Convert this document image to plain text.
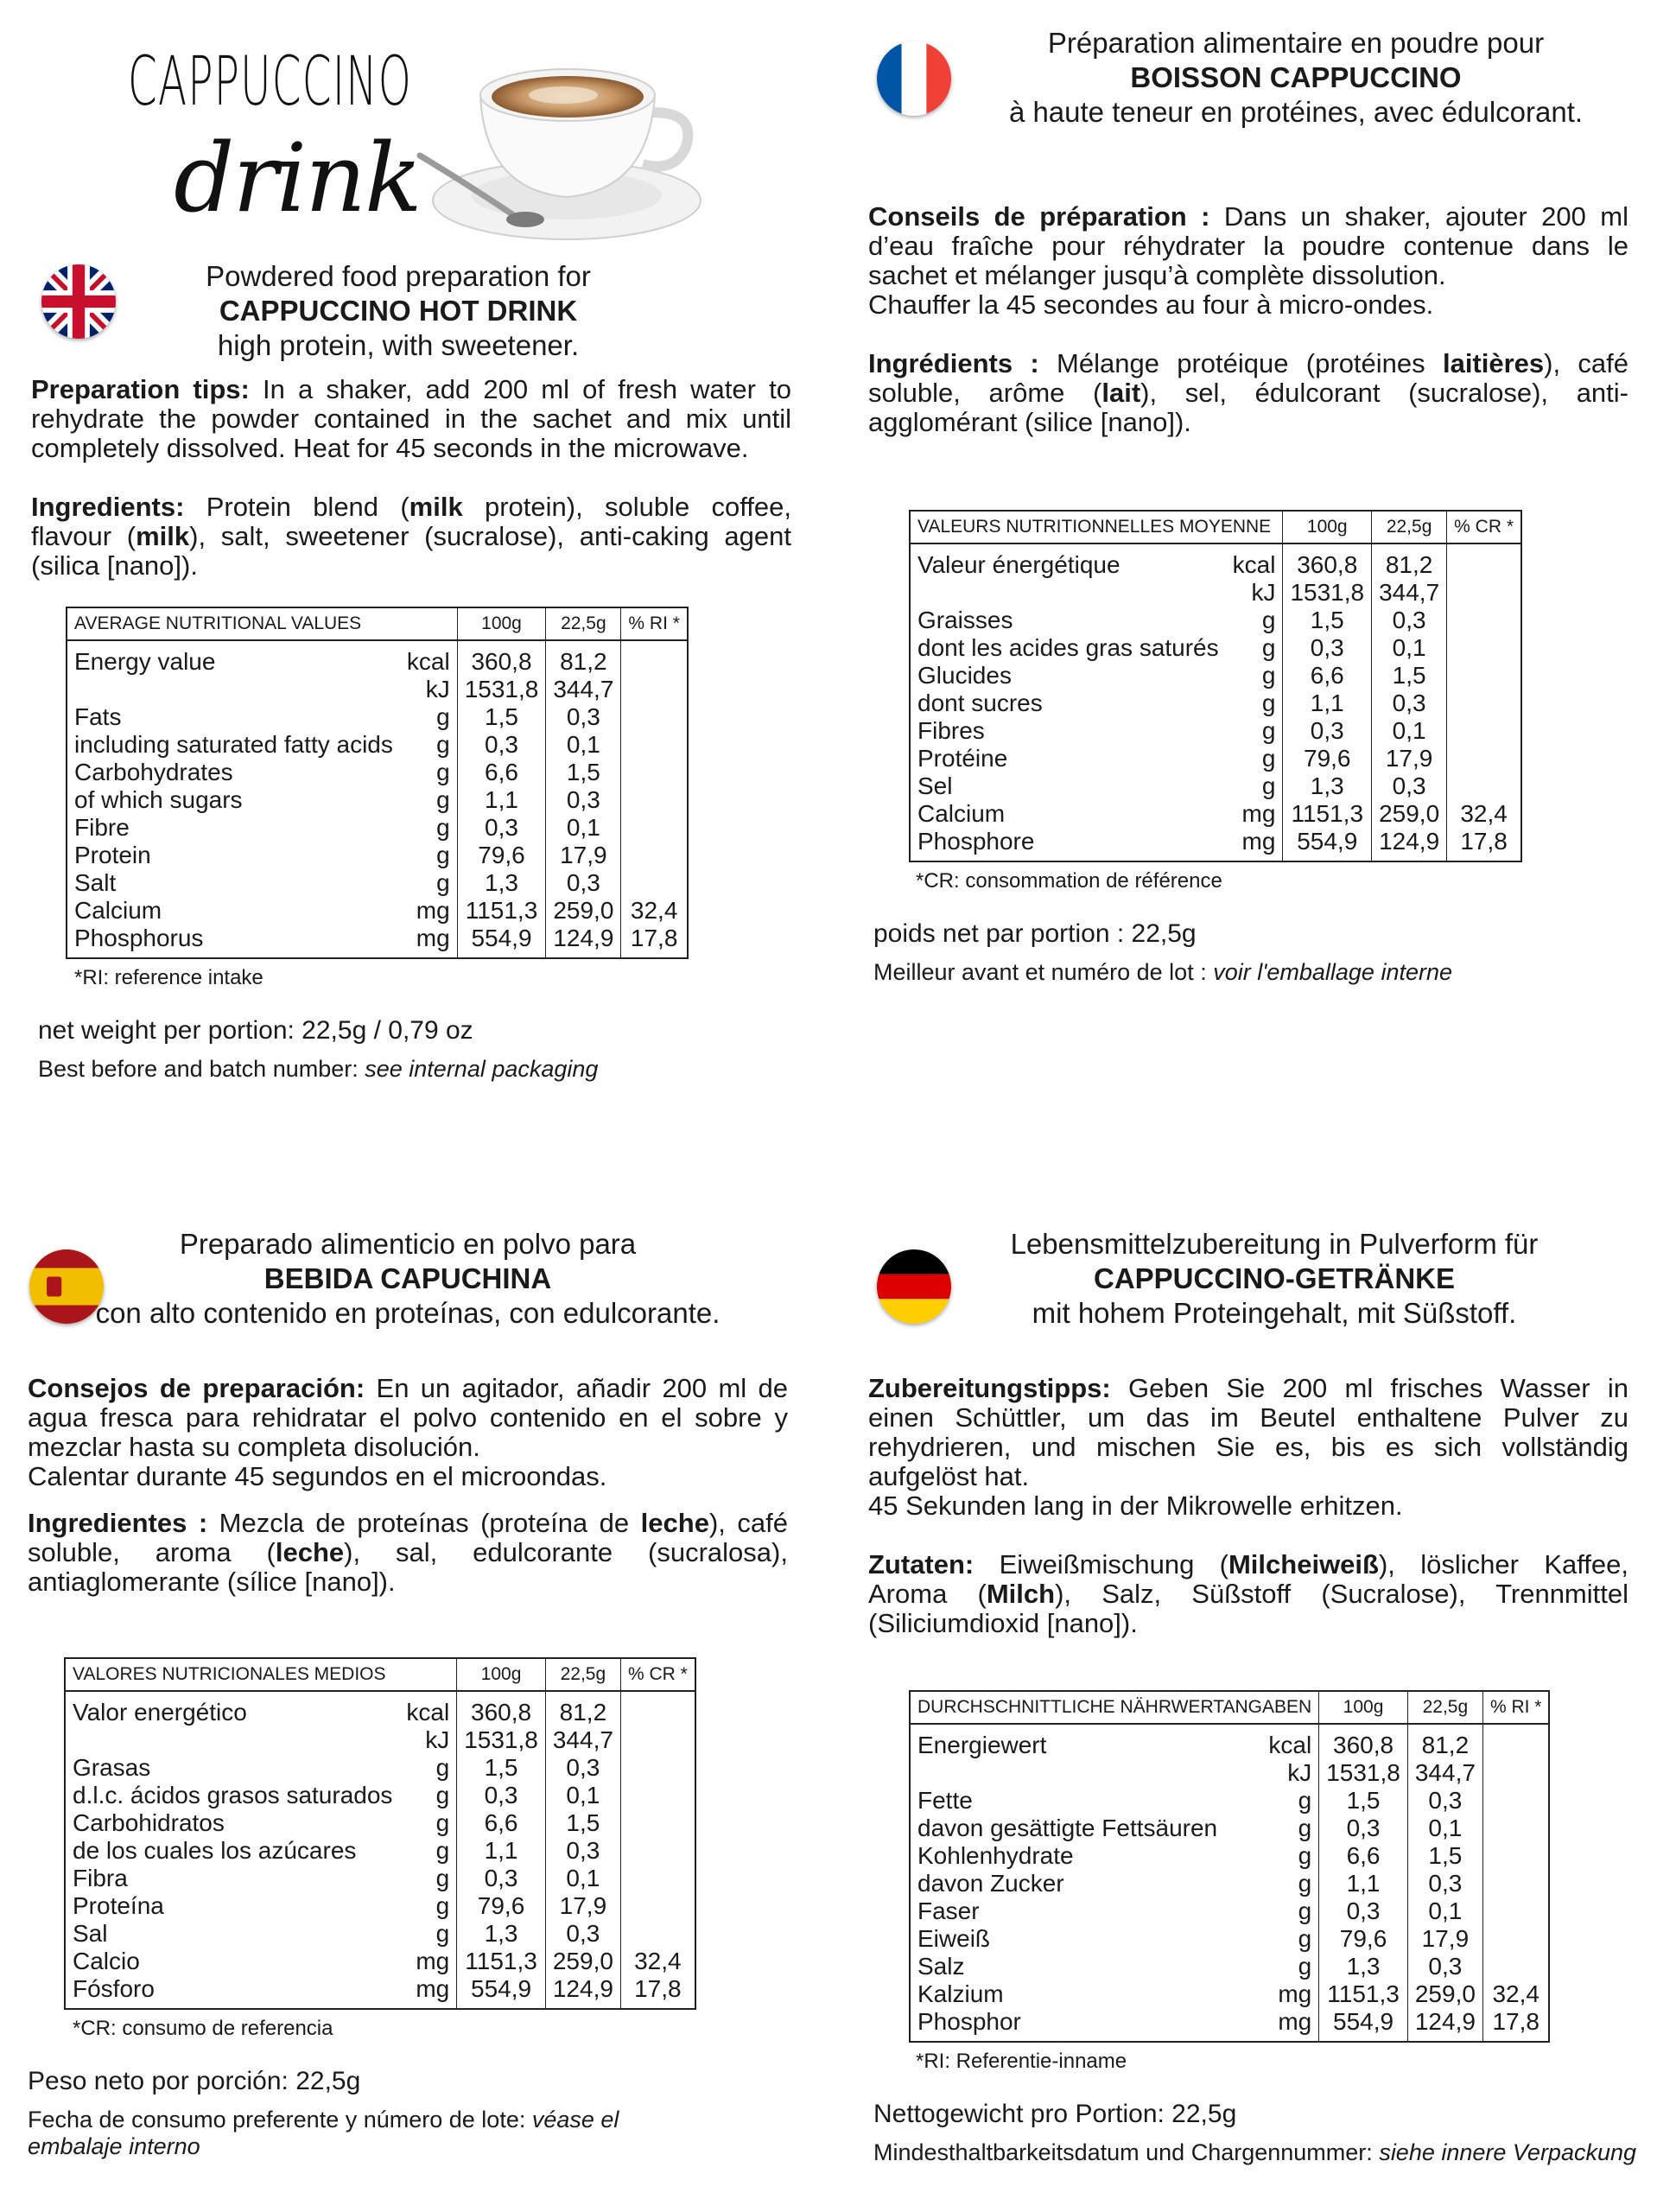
CAPPUCCINO
drink
Powdered food preparation for
CAPPUCCINO HOT DRINK
high protein, with sweetener.

Preparation tips: In a shaker, add 200 ml of fresh water to rehydrate the powder contained in the sachet and mix until completely dissolved. Heat for 45 seconds in the microwave.

Ingredients: Protein blend (milk protein), soluble coffee, flavour (milk), salt, sweetener (sucralose), anti-caking agent (silica [nano]).

AVERAGE NUTRITIONAL VALUES		100g	22,5g	% RI *
Energy value	kcal	360,8	81,2	
	kJ	1531,8	344,7	
Fats	g	1,5	0,3	
including saturated fatty acids	g	0,3	0,1	
Carbohydrates	g	6,6	1,5	
of which sugars	g	1,1	0,3	
Fibre	g	0,3	0,1	
Protein	g	79,6	17,9	
Salt	g	1,3	0,3	
Calcium	mg	1151,3	259,0	32,4
Phosphorus	mg	554,9	124,9	17,8
*RI: reference intake
net weight per portion: 22,5g / 0,79 oz
Best before and batch number: see internal packaging
Préparation alimentaire en poudre pour
BOISSON CAPPUCCINO
à haute teneur en protéines, avec édulcorant.

Conseils de préparation : Dans un shaker, ajouter 200 ml d’eau fraîche pour réhydrater la poudre contenue dans le sachet et mélanger jusqu’à complète dissolution.

Chauffer la 45 secondes au four à micro-ondes.

Ingrédients : Mélange protéique (protéines laitières), café soluble, arôme (lait), sel, édulcorant (sucralose), anti-agglomérant (silice [nano]).

VALEURS NUTRITIONNELLES MOYENNE		100g	22,5g	% CR *
Valeur énergétique	kcal	360,8	81,2	
	kJ	1531,8	344,7	
Graisses	g	1,5	0,3	
dont les acides gras saturés	g	0,3	0,1	
Glucides	g	6,6	1,5	
dont sucres	g	1,1	0,3	
Fibres	g	0,3	0,1	
Protéine	g	79,6	17,9	
Sel	g	1,3	0,3	
Calcium	mg	1151,3	259,0	32,4
Phosphore	mg	554,9	124,9	17,8
*CR: consommation de référence
poids net par portion : 22,5g
Meilleur avant et numéro de lot : voir l'emballage interne
Preparado alimenticio en polvo para
BEBIDA CAPUCHINA
con alto contenido en proteínas, con edulcorante.

Consejos de preparación: En un agitador, añadir 200 ml de agua fresca para rehidratar el polvo contenido en el sobre y mezclar hasta su completa disolución.

Calentar durante 45 segundos en el microondas.

Ingredientes : Mezcla de proteínas (proteína de leche), café soluble, aroma (leche), sal, edulcorante (sucralosa), antiaglomerante (sílice [nano]).

VALORES NUTRICIONALES MEDIOS		100g	22,5g	% CR *
Valor energético	kcal	360,8	81,2	
	kJ	1531,8	344,7	
Grasas	g	1,5	0,3	
d.l.c. ácidos grasos saturados	g	0,3	0,1	
Carbohidratos	g	6,6	1,5	
de los cuales los azúcares	g	1,1	0,3	
Fibra	g	0,3	0,1	
Proteína	g	79,6	17,9	
Sal	g	1,3	0,3	
Calcio	mg	1151,3	259,0	32,4
Fósforo	mg	554,9	124,9	17,8
*CR: consumo de referencia
Peso neto por porción: 22,5g
Fecha de consumo preferente y número de lote: véase el embalaje interno
Lebensmittelzubereitung in Pulverform für
CAPPUCCINO-GETRÄNKE
mit hohem Proteingehalt, mit Süßstoff.

Zubereitungstipps: Geben Sie 200 ml frisches Wasser in einen Schüttler, um das im Beutel enthaltene Pulver zu rehydrieren, und mischen Sie es, bis es sich vollständig aufgelöst hat.

45 Sekunden lang in der Mikrowelle erhitzen.

Zutaten: Eiweißmischung (Milcheiweiß), löslicher Kaffee, Aroma (Milch), Salz, Süßstoff (Sucralose), Trennmittel (Siliciumdioxid [nano]).

DURCHSCHNITTLICHE NÄHRWERTANGABEN		100g	22,5g	% RI *
Energiewert	kcal	360,8	81,2	
	kJ	1531,8	344,7	
Fette	g	1,5	0,3	
davon gesättigte Fettsäuren	g	0,3	0,1	
Kohlenhydrate	g	6,6	1,5	
davon Zucker	g	1,1	0,3	
Faser	g	0,3	0,1	
Eiweiß	g	79,6	17,9	
Salz	g	1,3	0,3	
Kalzium	mg	1151,3	259,0	32,4
Phosphor	mg	554,9	124,9	17,8
*RI: Referentie-inname
Nettogewicht pro Portion: 22,5g
Mindesthaltbarkeitsdatum und Chargennummer: siehe innere Verpackung
